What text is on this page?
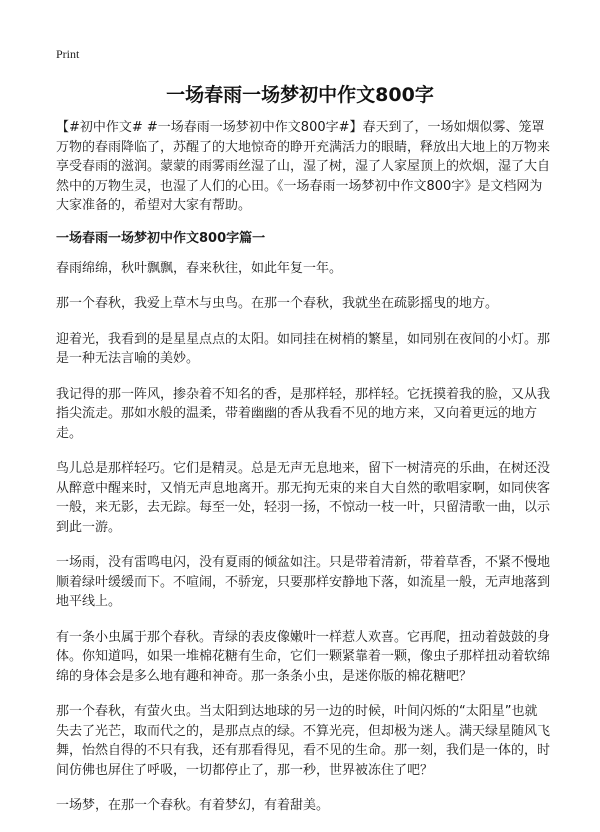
Print
一场春雨一场梦初中作文800字

【#初中作文# #一场春雨一场梦初中作文800字#】春天到了，一场如烟似雾、笼罩万物的春雨降临了，苏醒了的大地惊奇的睁开充满活力的眼睛，释放出大地上的万物来享受春雨的滋润。蒙蒙的雨雾雨丝湿了山，湿了树，湿了人家屋顶上的炊烟，湿了大自然中的万物生灵，也湿了人们的心田。《一场春雨一场梦初中作文800字》是文档网为大家准备的，希望对大家有帮助。

一场春雨一场梦初中作文800字篇一

春雨绵绵，秋叶飘飘，春来秋往，如此年复一年。

那一个春秋，我爱上草木与虫鸟。在那一个春秋，我就坐在疏影摇曳的地方。

迎着光，我看到的是星星点点的太阳。如同挂在树梢的繁星，如同别在夜间的小灯。那是一种无法言喻的美妙。

我记得的那一阵风，掺杂着不知名的香，是那样轻，那样轻。它抚摸着我的脸，又从我指尖流走。那如水般的温柔，带着幽幽的香从我看不见的地方来，又向着更远的地方走。

鸟儿总是那样轻巧。它们是精灵。总是无声无息地来，留下一树清亮的乐曲，在树还没从醉意中醒来时，又悄无声息地离开。那无拘无束的来自大自然的歌唱家啊，如同侠客一般，来无影，去无踪。每至一处，轻羽一扬，不惊动一枝一叶，只留清歌一曲，以示到此一游。

一场雨，没有雷鸣电闪，没有夏雨的倾盆如注。只是带着清新，带着草香，不紧不慢地顺着绿叶缓缓而下。不喧闹，不骄宠，只要那样安静地下落，如流星一般，无声地落到地平线上。

有一条小虫属于那个春秋。青绿的表皮像嫩叶一样惹人欢喜。它再爬，扭动着鼓鼓的身体。你知道吗，如果一堆棉花糖有生命，它们一颗紧靠着一颗，像虫子那样扭动着软绵绵的身体会是多么地有趣和神奇。那一条条小虫，是迷你版的棉花糖吧？

那一个春秋，有萤火虫。当太阳到达地球的另一边的时候，叶间闪烁的“太阳星”也就失去了光芒，取而代之的，是那点点的绿。不算光亮，但却极为迷人。满天绿星随风飞舞，怡然自得的不只有我，还有那看得见，看不见的生命。那一刻，我们是一体的，时间仿佛也屏住了呼吸，一切都停止了，那一秒，世界被冻住了吧？

一场梦，在那一个春秋。有着梦幻，有着甜美。
